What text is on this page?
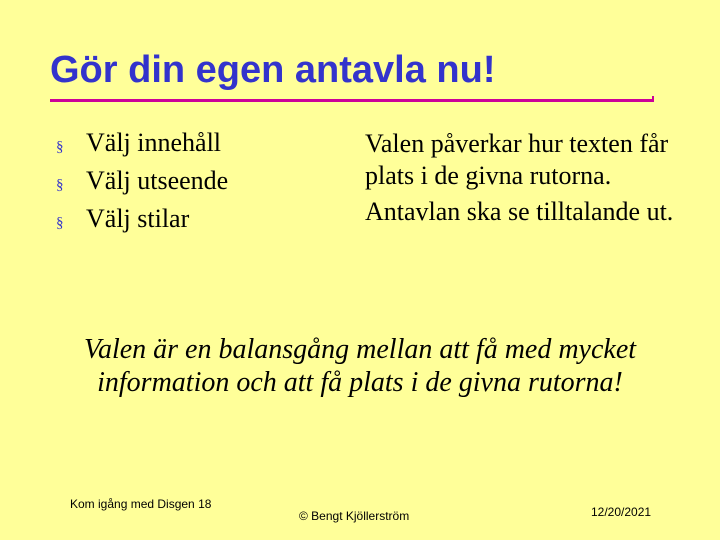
Gör din egen antavla nu!
§ Välj innehåll
§ Välj utseende
§ Välj stilar

Valen påverkar hur texten får plats i de givna rutorna.

Antavlan ska se tilltalande ut.

Valen är en balansgång mellan att få med mycket information och att få plats i de givna rutorna!
Kom igång med Disgen 18
© Bengt Kjöllerström	12/20/2021
